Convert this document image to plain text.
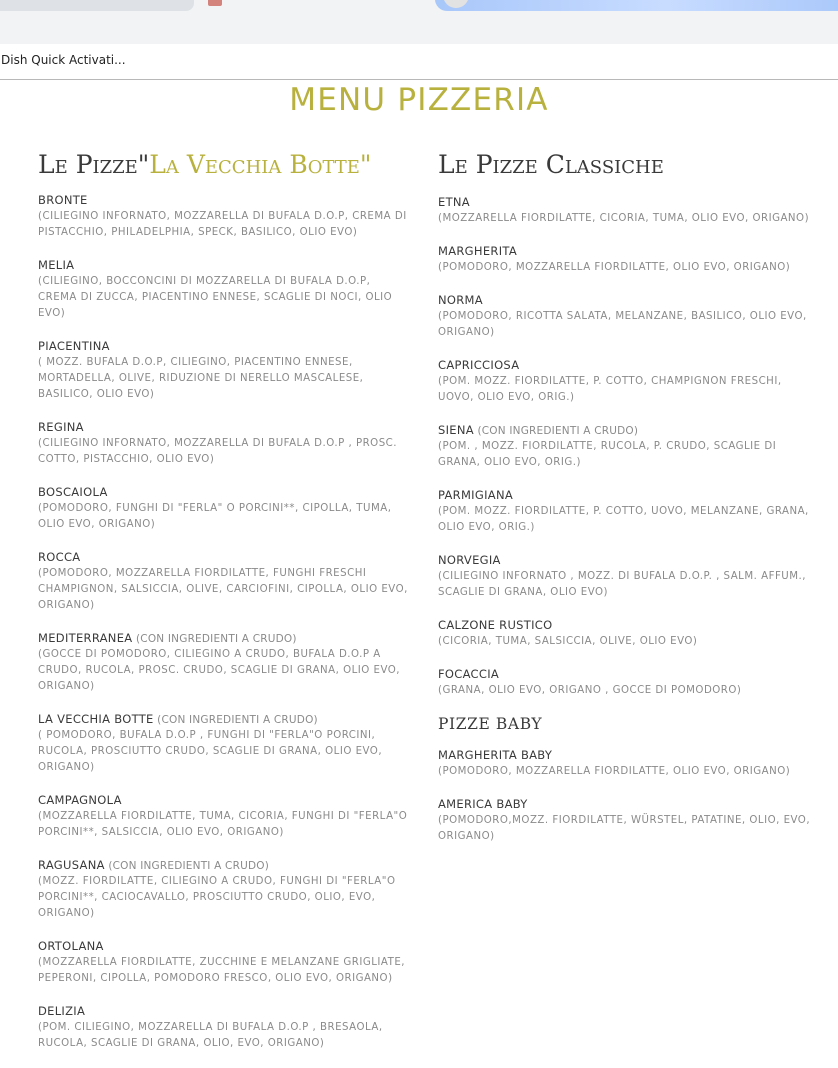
Dish Quick Activati...
MENU PIZZERIA
Le Pizze"La Vecchia Botte"
BRONTE
(CILIEGINO INFORNATO, MOZZARELLA DI BUFALA D.O.P, CREMA DI PISTACCHIO, PHILADELPHIA, SPECK, BASILICO, OLIO EVO)
MELIA
(CILIEGINO, BOCCONCINI DI MOZZARELLA DI BUFALA D.O.P, CREMA DI ZUCCA, PIACENTINO ENNESE, SCAGLIE DI NOCI, OLIO EVO)
PIACENTINA
( MOZZ. BUFALA D.O.P, CILIEGINO, PIACENTINO ENNESE, MORTADELLA, OLIVE, RIDUZIONE DI NERELLO MASCALESE, BASILICO, OLIO EVO)
REGINA
(CILIEGINO INFORNATO, MOZZARELLA DI BUFALA D.O.P , PROSC. COTTO, PISTACCHIO, OLIO EVO)
BOSCAIOLA
(POMODORO, FUNGHI DI "FERLA" O PORCINI**, CIPOLLA, TUMA, OLIO EVO, ORIGANO)
ROCCA
(POMODORO, MOZZARELLA FIORDILATTE, FUNGHI FRESCHI CHAMPIGNON, SALSICCIA, OLIVE, CARCIOFINI, CIPOLLA, OLIO EVO, ORIGANO)
MEDITERRANEA (CON INGREDIENTI A CRUDO)
(GOCCE DI POMODORO, CILIEGINO A CRUDO, BUFALA D.O.P A CRUDO, RUCOLA, PROSC. CRUDO, SCAGLIE DI GRANA, OLIO EVO, ORIGANO)
LA VECCHIA BOTTE (CON INGREDIENTI A CRUDO)
( POMODORO, BUFALA D.O.P , FUNGHI DI "FERLA"O PORCINI, RUCOLA, PROSCIUTTO CRUDO, SCAGLIE DI GRANA, OLIO EVO, ORIGANO)
CAMPAGNOLA
(MOZZARELLA FIORDILATTE, TUMA, CICORIA, FUNGHI DI "FERLA"O PORCINI**, SALSICCIA, OLIO EVO, ORIGANO)
RAGUSANA (CON INGREDIENTI A CRUDO)
(MOZZ. FIORDILATTE, CILIEGINO A CRUDO, FUNGHI DI "FERLA"O PORCINI**, CACIOCAVALLO, PROSCIUTTO CRUDO, OLIO, EVO, ORIGANO)
ORTOLANA
(MOZZARELLA FIORDILATTE, ZUCCHINE E MELANZANE GRIGLIATE, PEPERONI, CIPOLLA, POMODORO FRESCO, OLIO EVO, ORIGANO)
DELIZIA
(POM. CILIEGINO, MOZZARELLA DI BUFALA D.O.P , BRESAOLA, RUCOLA, SCAGLIE DI GRANA, OLIO, EVO, ORIGANO)
Le Pizze Classiche
ETNA
(MOZZARELLA FIORDILATTE, CICORIA, TUMA, OLIO EVO, ORIGANO)
MARGHERITA
(POMODORO, MOZZARELLA FIORDILATTE, OLIO EVO, ORIGANO)
NORMA
(POMODORO, RICOTTA SALATA, MELANZANE, BASILICO, OLIO EVO, ORIGANO)
CAPRICCIOSA
(POM. MOZZ. FIORDILATTE, P. COTTO, CHAMPIGNON FRESCHI, UOVO, OLIO EVO, ORIG.)
SIENA (CON INGREDIENTI A CRUDO)
(POM. , MOZZ. FIORDILATTE, RUCOLA, P. CRUDO, SCAGLIE DI GRANA, OLIO EVO, ORIG.)
PARMIGIANA
(POM. MOZZ. FIORDILATTE, P. COTTO, UOVO, MELANZANE, GRANA, OLIO EVO, ORIG.)
NORVEGIA
(CILIEGINO INFORNATO , MOZZ. DI BUFALA D.O.P. , SALM. AFFUM., SCAGLIE DI GRANA, OLIO EVO)
CALZONE RUSTICO
(CICORIA, TUMA, SALSICCIA, OLIVE, OLIO EVO)
FOCACCIA
(GRANA, OLIO EVO, ORIGANO , GOCCE DI POMODORO)
PIZZE BABY
MARGHERITA BABY
(POMODORO, MOZZARELLA FIORDILATTE, OLIO EVO, ORIGANO)
AMERICA BABY
(POMODORO,MOZZ. FIORDILATTE, WÜRSTEL, PATATINE, OLIO, EVO, ORIGANO)
